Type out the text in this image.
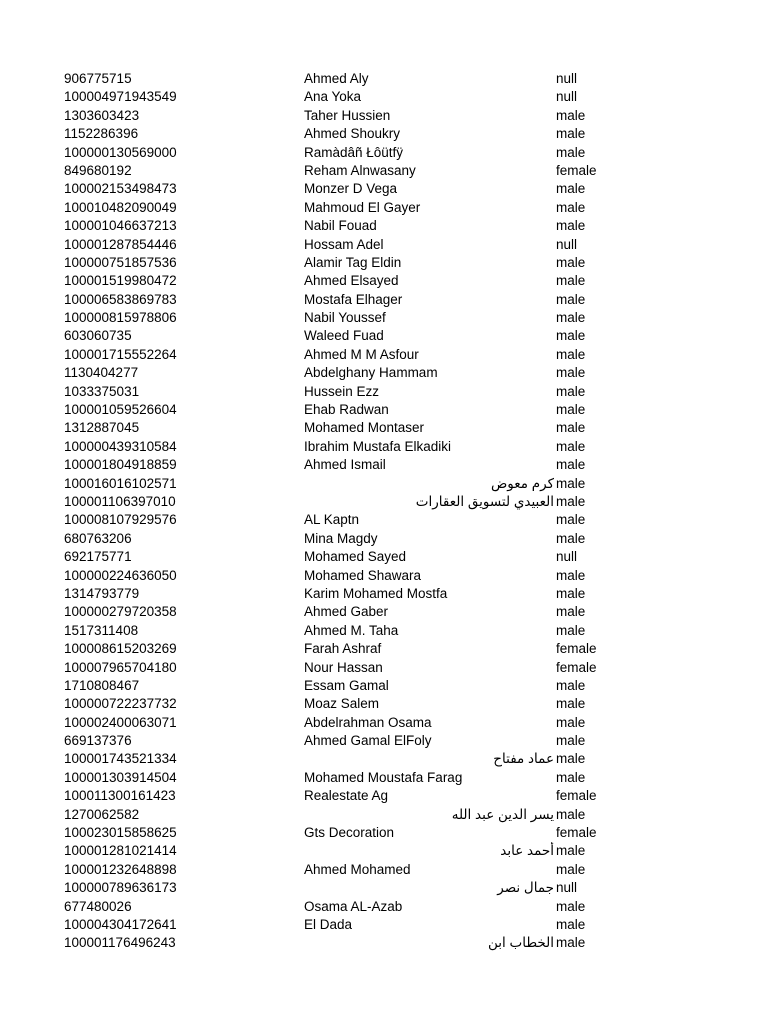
906775715	Ahmed Aly	null
100004971943549	Ana Yoka	null
1303603423	Taher Hussien	male
1152286396	Ahmed Shoukry	male
100000130569000	Ramàdâñ Łôütfÿ	male
849680192	Reham Alnwasany	female
100002153498473	Monzer D Vega	male
100010482090049	Mahmoud El Gayer	male
100001046637213	Nabil Fouad	male
100001287854446	Hossam Adel	null
100000751857536	Alamir Tag Eldin	male
100001519980472	Ahmed Elsayed	male
100006583869783	Mostafa Elhager	male
100000815978806	Nabil Youssef	male
603060735	Waleed Fuad	male
100001715552264	Ahmed M M Asfour	male
1130404277	Abdelghany Hammam	male
1033375031	Hussein Ezz	male
100001059526604	Ehab Radwan	male
1312887045	Mohamed Montaser	male
100000439310584	Ibrahim Mustafa Elkadiki	male
100001804918859	Ahmed Ismail	male
100016016102571	كرم معوض male
100001106397010	العبيدي لتسويق العقارات male
100008107929576	AL Kaptn	male
680763206	Mina Magdy	male
692175771	Mohamed Sayed	null
100000224636050	Mohamed Shawara	male
1314793779	Karim Mohamed Mostfa	male
100000279720358	Ahmed Gaber	male
1517311408	Ahmed M. Taha	male
100008615203269	Farah Ashraf	female
100007965704180	Nour Hassan	female
1710808467	Essam Gamal	male
100000722237732	Moaz Salem	male
100002400063071	Abdelrahman Osama	male
669137376	Ahmed Gamal ElFoly	male
100001743521334	عماد مفتاح male
100001303914504	Mohamed Moustafa Farag	male
100011300161423	Realestate Ag	female
1270062582	يسر الدين عبد الله male
100023015858625	Gts Decoration	female
100001281021414	أحمد عابد male
100001232648898	Ahmed Mohamed	male
100000789636173	جمال نصر null
677480026	Osama AL-Azab	male
100004304172641	El Dada	male
100001176496243	الخطاب ابن male
